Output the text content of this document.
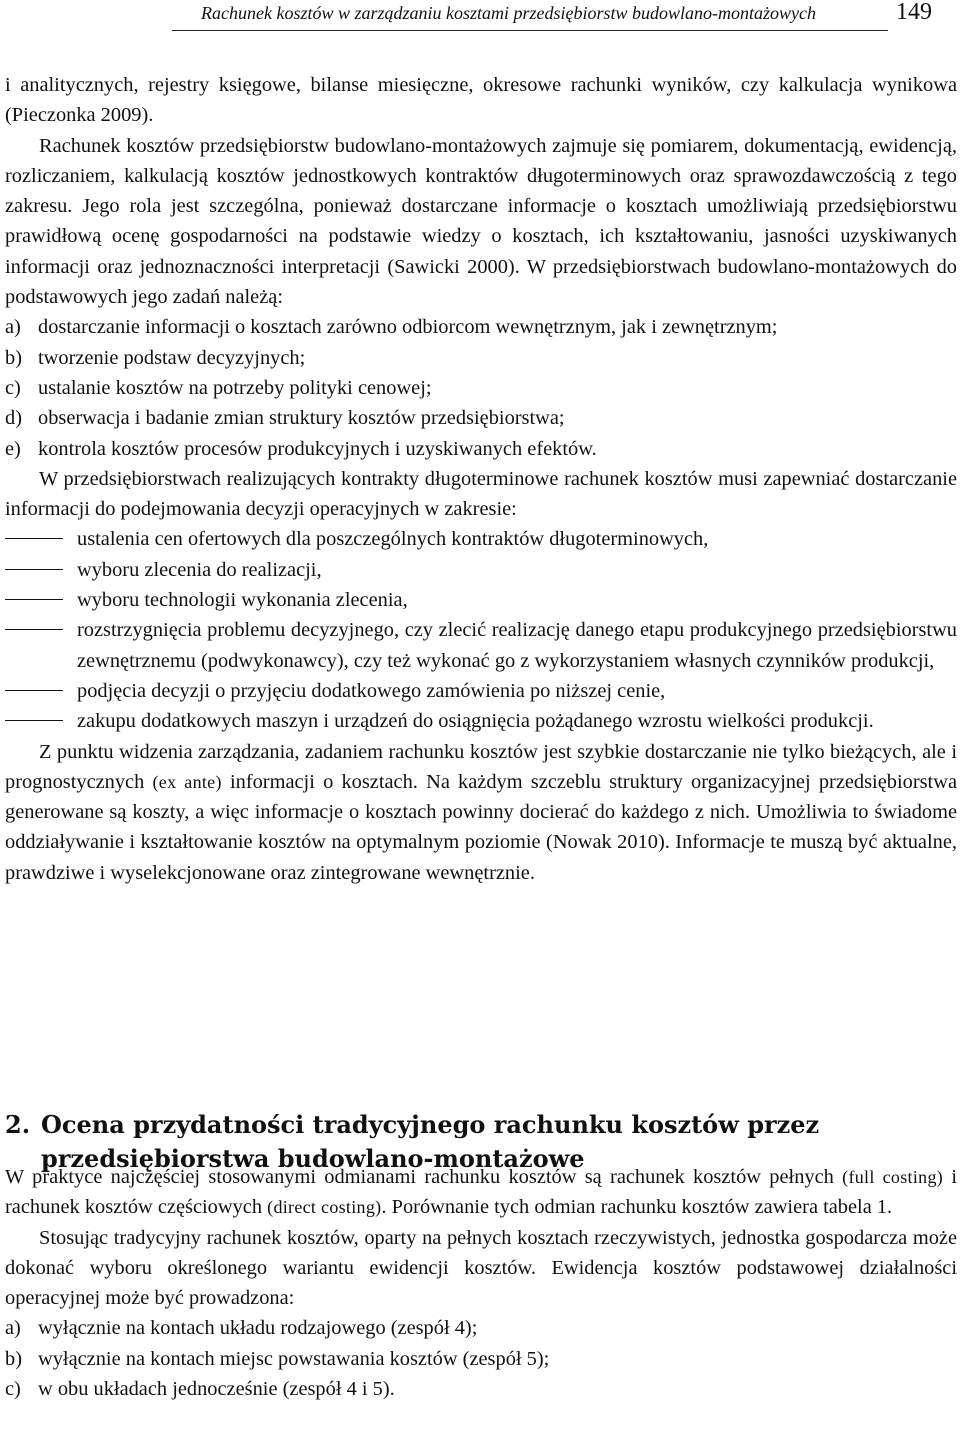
Rachunek kosztów w zarządzaniu kosztami przedsiębiorstw budowlano-montażowych	149

i analitycznych, rejestry księgowe, bilanse miesięczne, okresowe rachunki wyników, czy kalkulacja wynikowa (Pieczonka 2009).

Rachunek kosztów przedsiębiorstw budowlano-montażowych zajmuje się pomiarem, dokumentacją, ewidencją, rozliczaniem, kalkulacją kosztów jednostkowych kontraktów długoterminowych oraz sprawozdawczością z tego zakresu. Jego rola jest szczególna, ponieważ dostarczane informacje o kosztach umożliwiają przedsiębiorstwu prawidłową ocenę gospodarności na podstawie wiedzy o kosztach, ich kształtowaniu, jasności uzyskiwanych informacji oraz jednoznaczności interpretacji (Sawicki 2000). W przedsiębiorstwach budowlano-montażowych do podstawowych jego zadań należą:

a) dostarczanie informacji o kosztach zarówno odbiorcom wewnętrznym, jak i zewnętrznym;
b) tworzenie podstaw decyzyjnych;
c) ustalanie kosztów na potrzeby polityki cenowej;
d) obserwacja i badanie zmian struktury kosztów przedsiębiorstwa;
e) kontrola kosztów procesów produkcyjnych i uzyskiwanych efektów.

W przedsiębiorstwach realizujących kontrakty długoterminowe rachunek kosztów musi zapewniać dostarczanie informacji do podejmowania decyzji operacyjnych w zakresie:

ustalenia cen ofertowych dla poszczególnych kontraktów długoterminowych,
wyboru zlecenia do realizacji,
wyboru technologii wykonania zlecenia,
rozstrzygnięcia problemu decyzyjnego, czy zlecić realizację danego etapu produkcyjnego przedsiębiorstwu zewnętrznemu (podwykonawcy), czy też wykonać go z wykorzystaniem własnych czynników produkcji,
podjęcia decyzji o przyjęciu dodatkowego zamówienia po niższej cenie,
zakupu dodatkowych maszyn i urządzeń do osiągnięcia pożądanego wzrostu wielkości produkcji.

Z punktu widzenia zarządzania, zadaniem rachunku kosztów jest szybkie dostarczanie nie tylko bieżących, ale i prognostycznych (ex ante) informacji o kosztach. Na każdym szczeblu struktury organizacyjnej przedsiębiorstwa generowane są koszty, a więc informacje o kosztach powinny docierać do każdego z nich. Umożliwia to świadome oddziaływanie i kształtowanie kosztów na optymalnym poziomie (Nowak 2010). Informacje te muszą być aktualne, prawdziwe i wyselekcjonowane oraz zintegrowane wewnętrznie.

2. Ocena przydatności tradycyjnego rachunku kosztów przez przedsiębiorstwa budowlano-montażowe

W praktyce najczęściej stosowanymi odmianami rachunku kosztów są rachunek kosztów pełnych (full costing) i rachunek kosztów częściowych (direct costing). Porównanie tych odmian rachunku kosztów zawiera tabela 1.

Stosując tradycyjny rachunek kosztów, oparty na pełnych kosztach rzeczywistych, jednostka gospodarcza może dokonać wyboru określonego wariantu ewidencji kosztów. Ewidencja kosztów podstawowej działalności operacyjnej może być prowadzona:

a) wyłącznie na kontach układu rodzajowego (zespół 4);
b) wyłącznie na kontach miejsc powstawania kosztów (zespół 5);
c) w obu układach jednocześnie (zespół 4 i 5).
